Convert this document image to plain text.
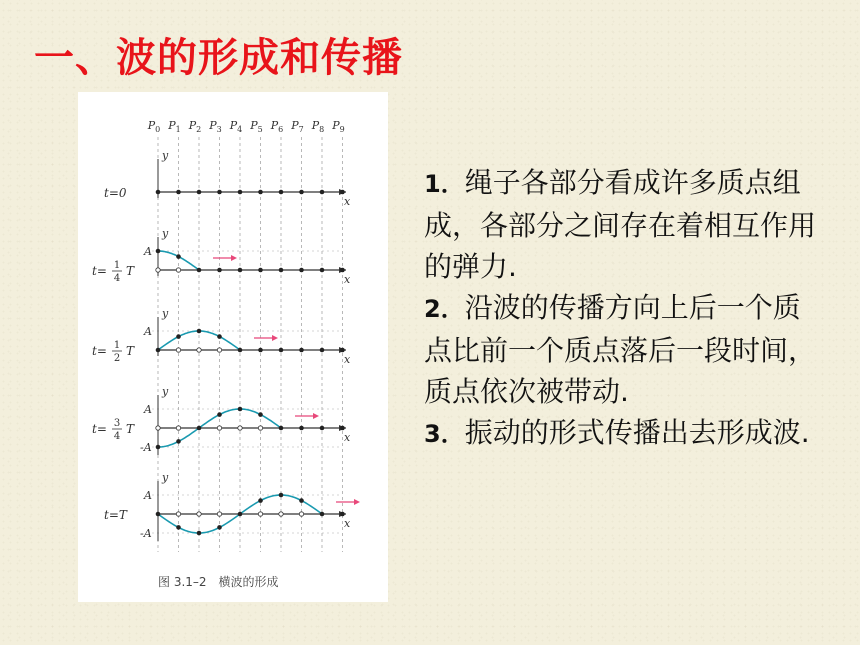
一、波的形成和传播
$P_0$ $P_1$ $P_2$ $P_3$ $P_4$ $P_5$ $P_6$ $P_7$ $P_8$ $P_9$
y
x
t=0
y
x
A
t= 1
4
T
y
x
A
t= 1
2
T
y
x
A
-A
t= 3
4
T
y
x
A
-A
t=T
图 3.1–2　横波的形成

1．绳子各部分看成许多质点组成，各部分之间存在着相互作用的弹力.

2．沿波的传播方向上后一个质点比前一个质点落后一段时间，质点依次被带动.

3．振动的形式传播出去形成波.
